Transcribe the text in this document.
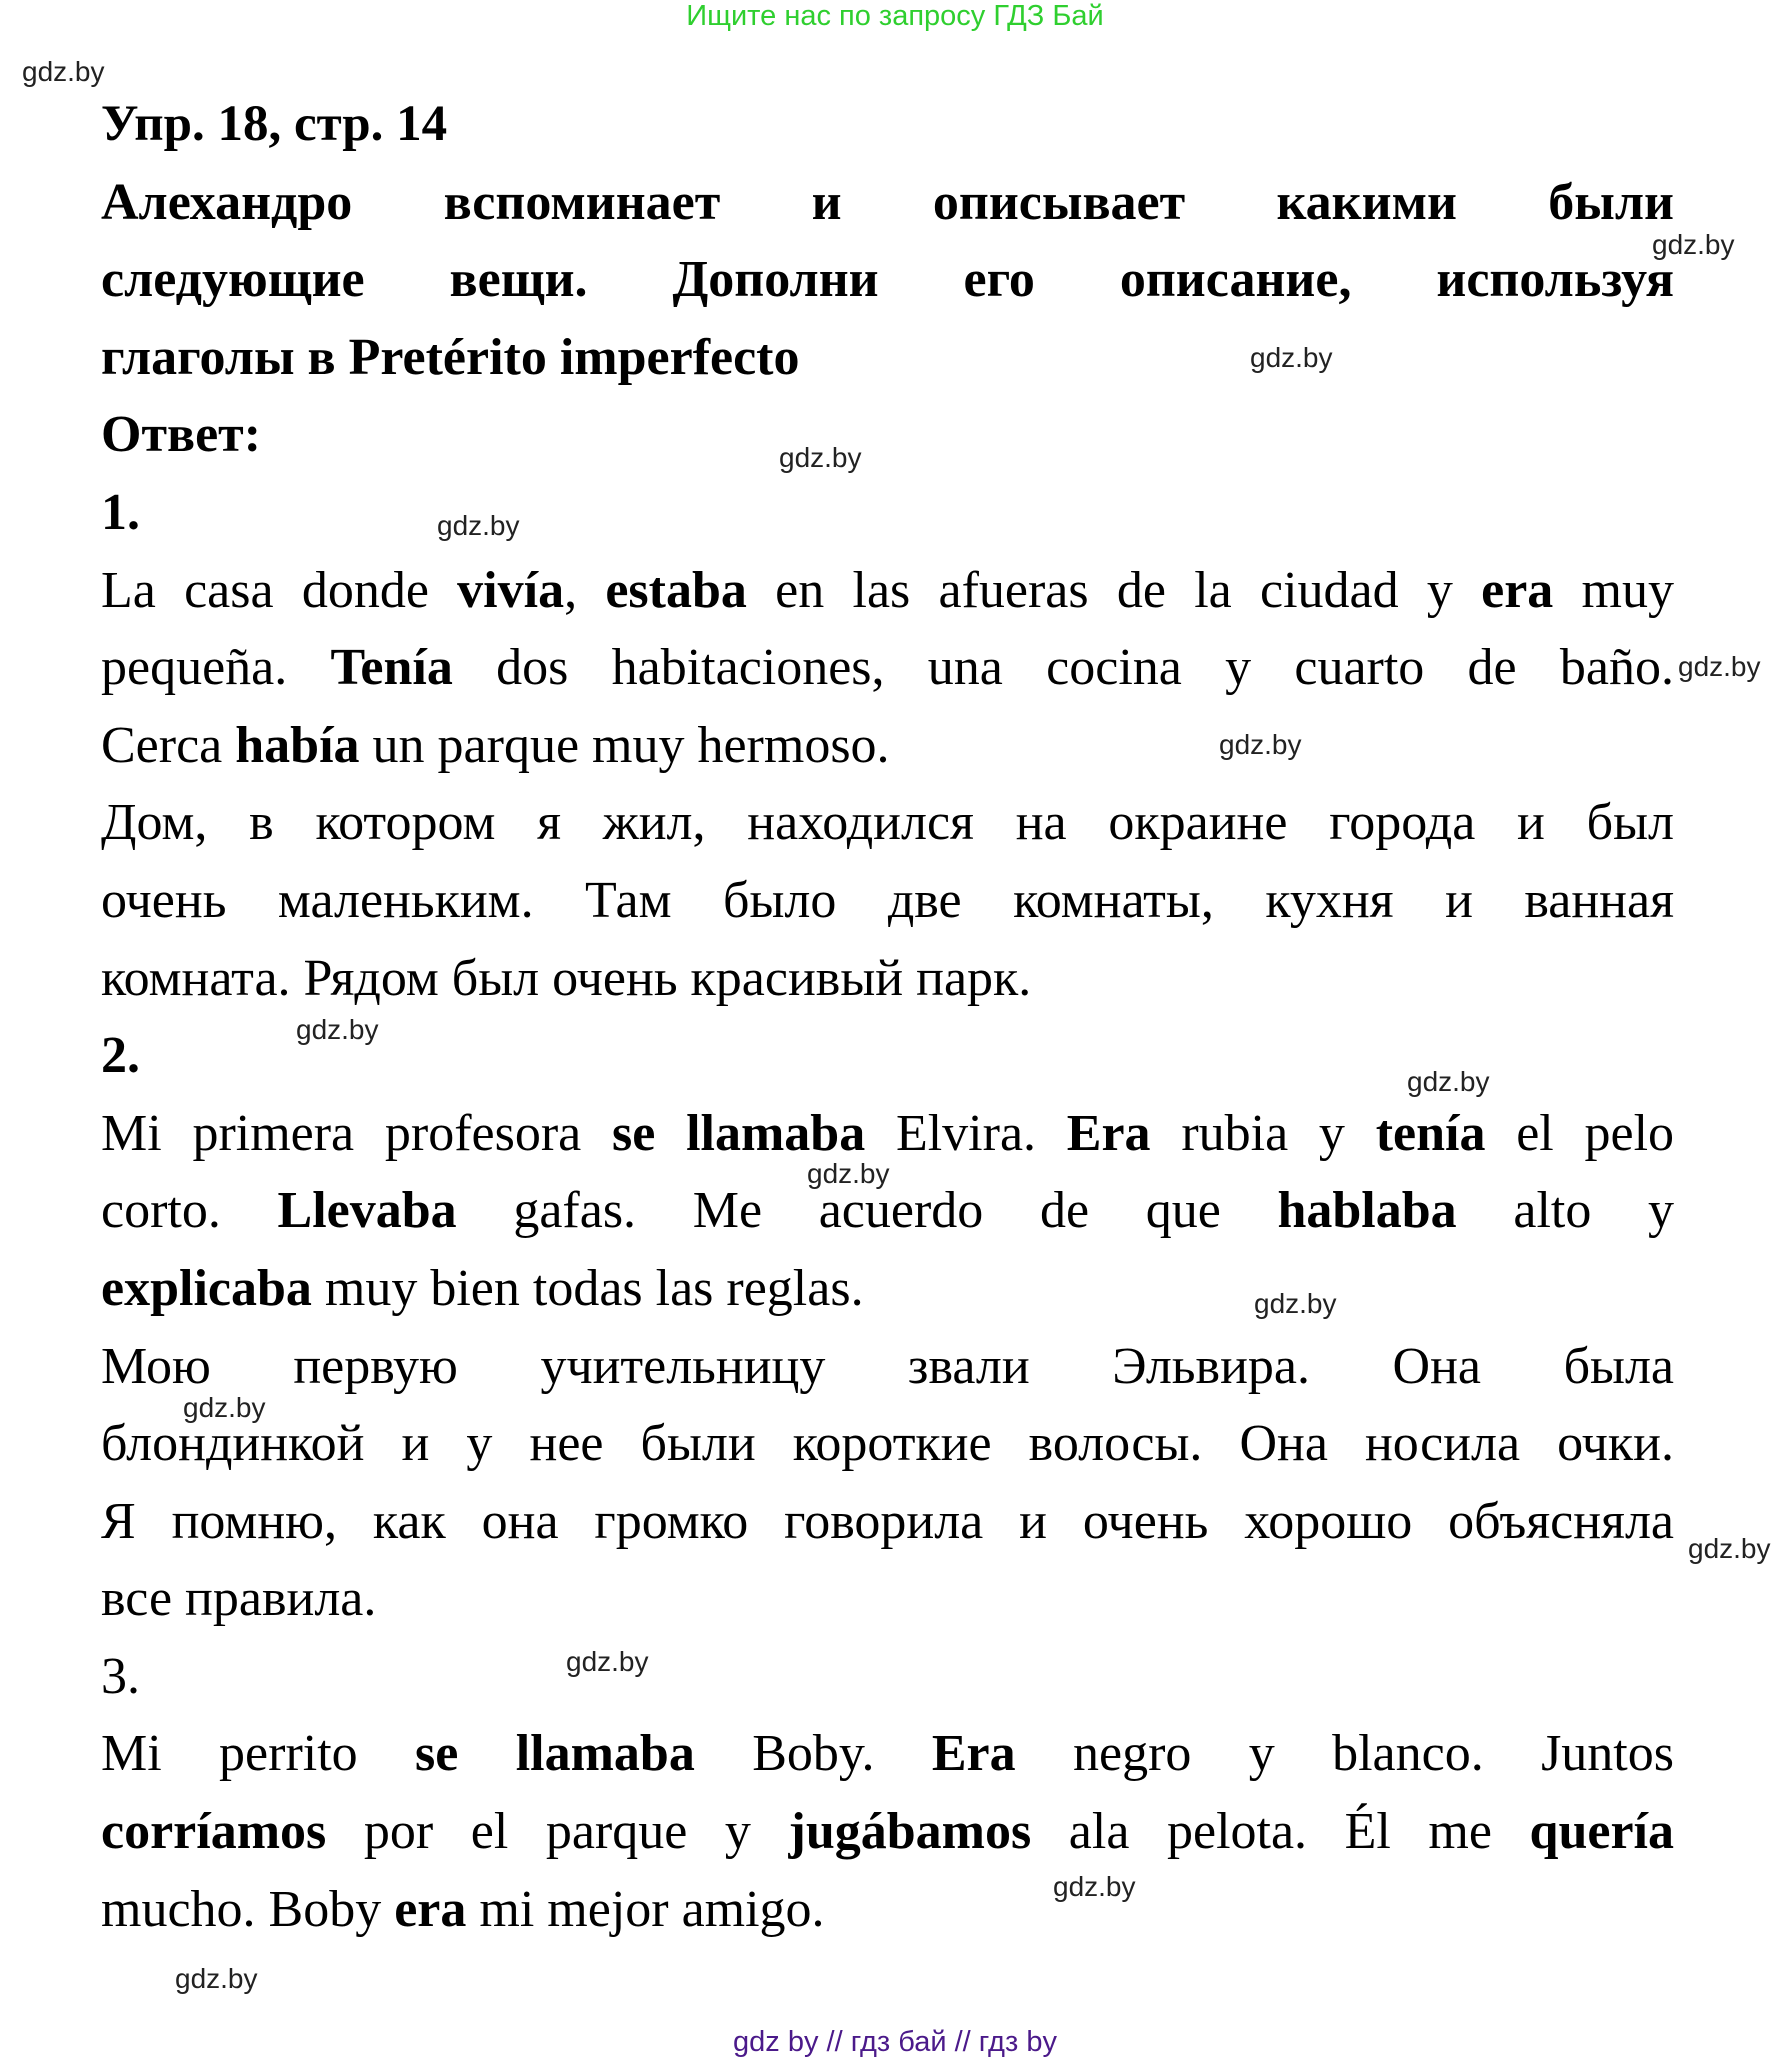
Ищите нас по запросу ГДЗ Бай
Упр. 18, стр. 14
Алехандро вспоминает и описывает какими были
следующие вещи. Дополни его описание, используя
глаголы в Pretérito imperfecto
Ответ:
1.
La casa donde vivía, estaba en las afueras de la ciudad y era muy
pequeña. Tenía dos habitaciones, una cocina y cuarto de baño.
Cerca había un parque muy hermoso.
Дом, в котором я жил, находился на окраине города и был
очень маленьким. Там было две комнаты, кухня и ванная
комната. Рядом был очень красивый парк.
2.
Mi primera profesora se llamaba Elvira. Era rubia y tenía el pelo
corto. Llevaba gafas. Me acuerdo de que hablaba alto y
explicaba muy bien todas las reglas.
Мою первую учительницу звали Эльвира. Она была
блондинкой и у нее были короткие волосы. Она носила очки.
Я помню, как она громко говорила и очень хорошо объясняла
все правила.
3.
Mi perrito se llamaba Boby. Era negro y blanco. Juntos
corríamos por el parque y jugábamos ala pelota. Él me quería
mucho. Boby era mi mejor amigo.
gdz.by
gdz.by
gdz.by
gdz.by
gdz.by
gdz.by
gdz.by
gdz.by
gdz.by
gdz.by
gdz.by
gdz.by
gdz.by
gdz.by
gdz.by
gdz.by
gdz by // гдз бай // гдз by
